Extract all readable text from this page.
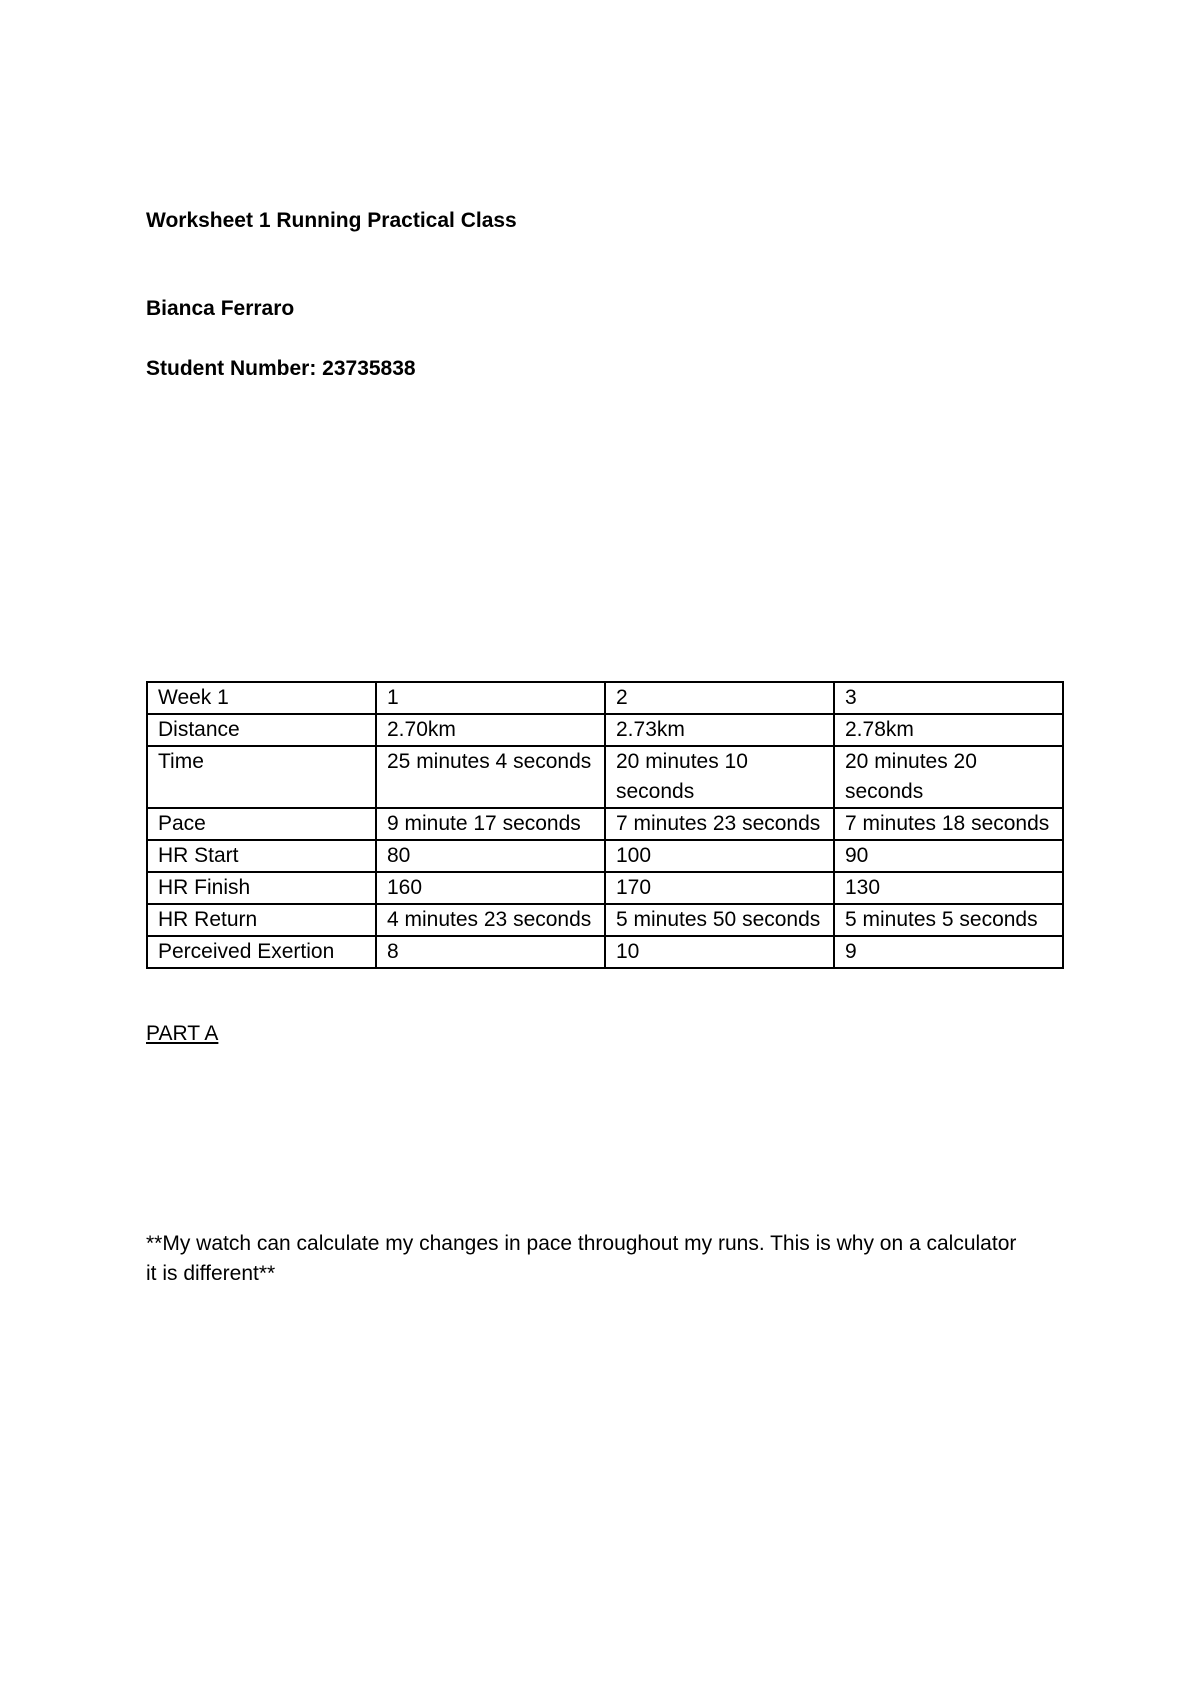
Worksheet 1 Running Practical Class
Bianca Ferraro
Student Number: 23735838
Week 1	1	2	3
Distance	2.70km	2.73km	2.78km
Time	25 minutes 4 seconds	20 minutes 10 seconds	20 minutes 20 seconds
Pace	9 minute 17 seconds	7 minutes 23 seconds	7 minutes 18 seconds
HR Start	80	100	90
HR Finish	160	170	130
HR Return	4 minutes 23 seconds	5 minutes 50 seconds	5 minutes 5 seconds
Perceived Exertion	8	10	9
PART A
**My watch can calculate my changes in pace throughout my runs. This is why on a calculator it is different**
